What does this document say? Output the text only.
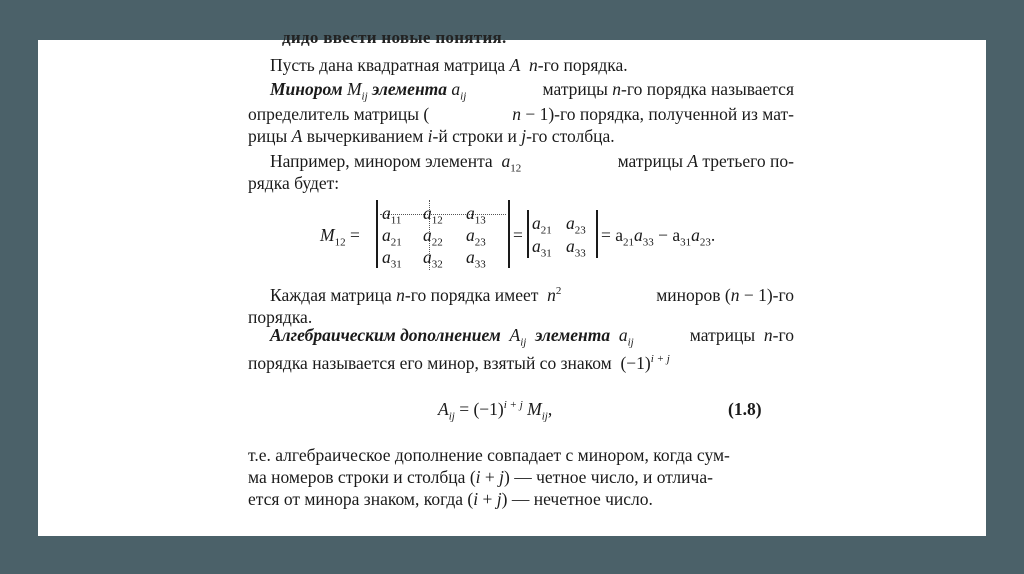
дидо ввести новые понятия.
Пусть дана квадратная матрица A n-го порядка.
Минором $M_{ij}$ элемента $a_{ij}$	матрицы n-го порядка называется
определитель матрицы (	n − 1)-го порядка, полученной из мат-
рицы A вычеркиванием i-й строки и j-го столбца.
Например, минором элемента $a_{12}$	матрицы A третьего по-
рядка будет:
$M_{12}$ =
$a_{11}$ $a_{12}$ $a_{13}$
$a_{21}$ $a_{22}$ $a_{23}$
$a_{31}$ $a_{32}$ $a_{33}$
=
$a_{21}$ $a_{23}$
$a_{31}$ $a_{33}$
= $a_{21}a_{33} - a_{31}a_{23}$.
Каждая матрица n-го порядка имеет $n^2$	миноров (n − 1)-го
порядка.
Алгебраическим дополнением $A_{ij}$ элемента $a_{ij}$	матрицы n-го
порядка называется его минор, взятый со знаком $(-1)^{i + j}$
$A_{ij} = (-1)^{i + j}$ $M_{ij}$,	(1.8)
т.е. алгебраическое дополнение совпадает с минором, когда сум-
ма номеров строки и столбца (i + j) — четное число, и отлича-
ется от минора знаком, когда (i + j) — нечетное число.
